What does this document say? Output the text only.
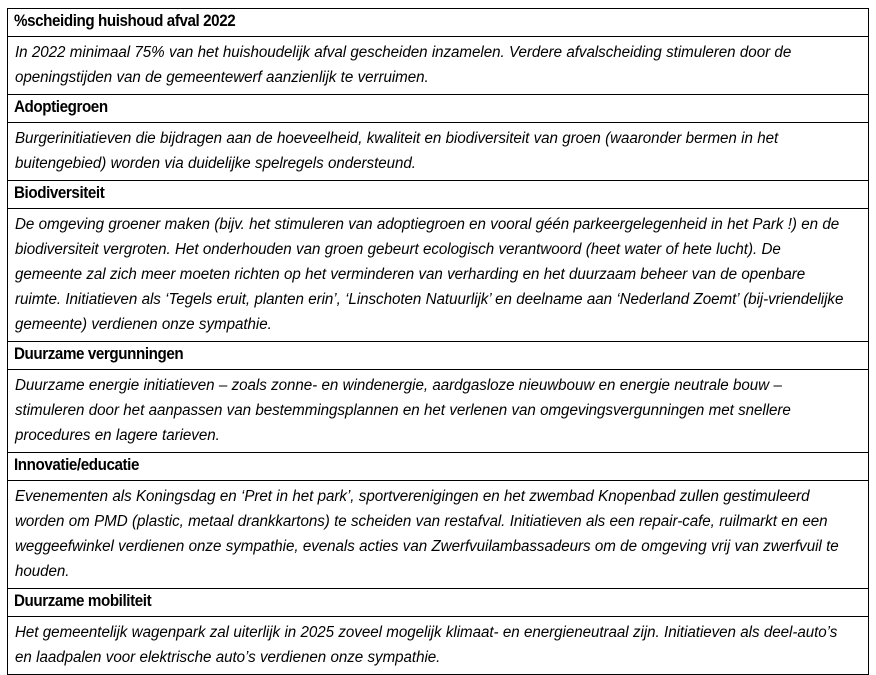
%scheiding huishoud afval 2022

In 2022 minimaal 75% van het huishoudelijk afval gescheiden inzamelen. Verdere afvalscheiding stimuleren door de openingstijden van de gemeentewerf aanzienlijk te verruimen.

Adoptiegroen

Burgerinitiatieven die bijdragen aan de hoeveelheid, kwaliteit en biodiversiteit van groen (waaronder bermen in het buitengebied) worden via duidelijke spelregels ondersteund.

Biodiversiteit

De omgeving groener maken (bijv. het stimuleren van adoptiegroen en vooral géén parkeergelegenheid in het Park !) en de biodiversiteit vergroten. Het onderhouden van groen gebeurt ecologisch verantwoord (heet water of hete lucht). De gemeente zal zich meer moeten richten op het verminderen van verharding en het duurzaam beheer van de openbare ruimte. Initiatieven als ‘Tegels eruit, planten erin’, ‘Linschoten Natuurlijk’ en deelname aan ‘Nederland Zoemt’ (bij-vriendelijke gemeente) verdienen onze sympathie.

Duurzame vergunningen

Duurzame energie initiatieven – zoals zonne- en windenergie, aardgasloze nieuwbouw en energie neutrale bouw – stimuleren door het aanpassen van bestemmingsplannen en het verlenen van omgevingsvergunningen met snellere procedures en lagere tarieven.

Innovatie/educatie

Evenementen als Koningsdag en ‘Pret in het park’, sportverenigingen en het zwembad Knopenbad zullen gestimuleerd worden om PMD (plastic, metaal drankkartons) te scheiden van restafval. Initiatieven als een repair-cafe, ruilmarkt en een weggeefwinkel verdienen onze sympathie, evenals acties van Zwerfvuilambassadeurs om de omgeving vrij van zwerfvuil te houden.

Duurzame mobiliteit

Het gemeentelijk wagenpark zal uiterlijk in 2025 zoveel mogelijk klimaat- en energieneutraal zijn. Initiatieven als deel-auto’s en laadpalen voor elektrische auto’s verdienen onze sympathie.
